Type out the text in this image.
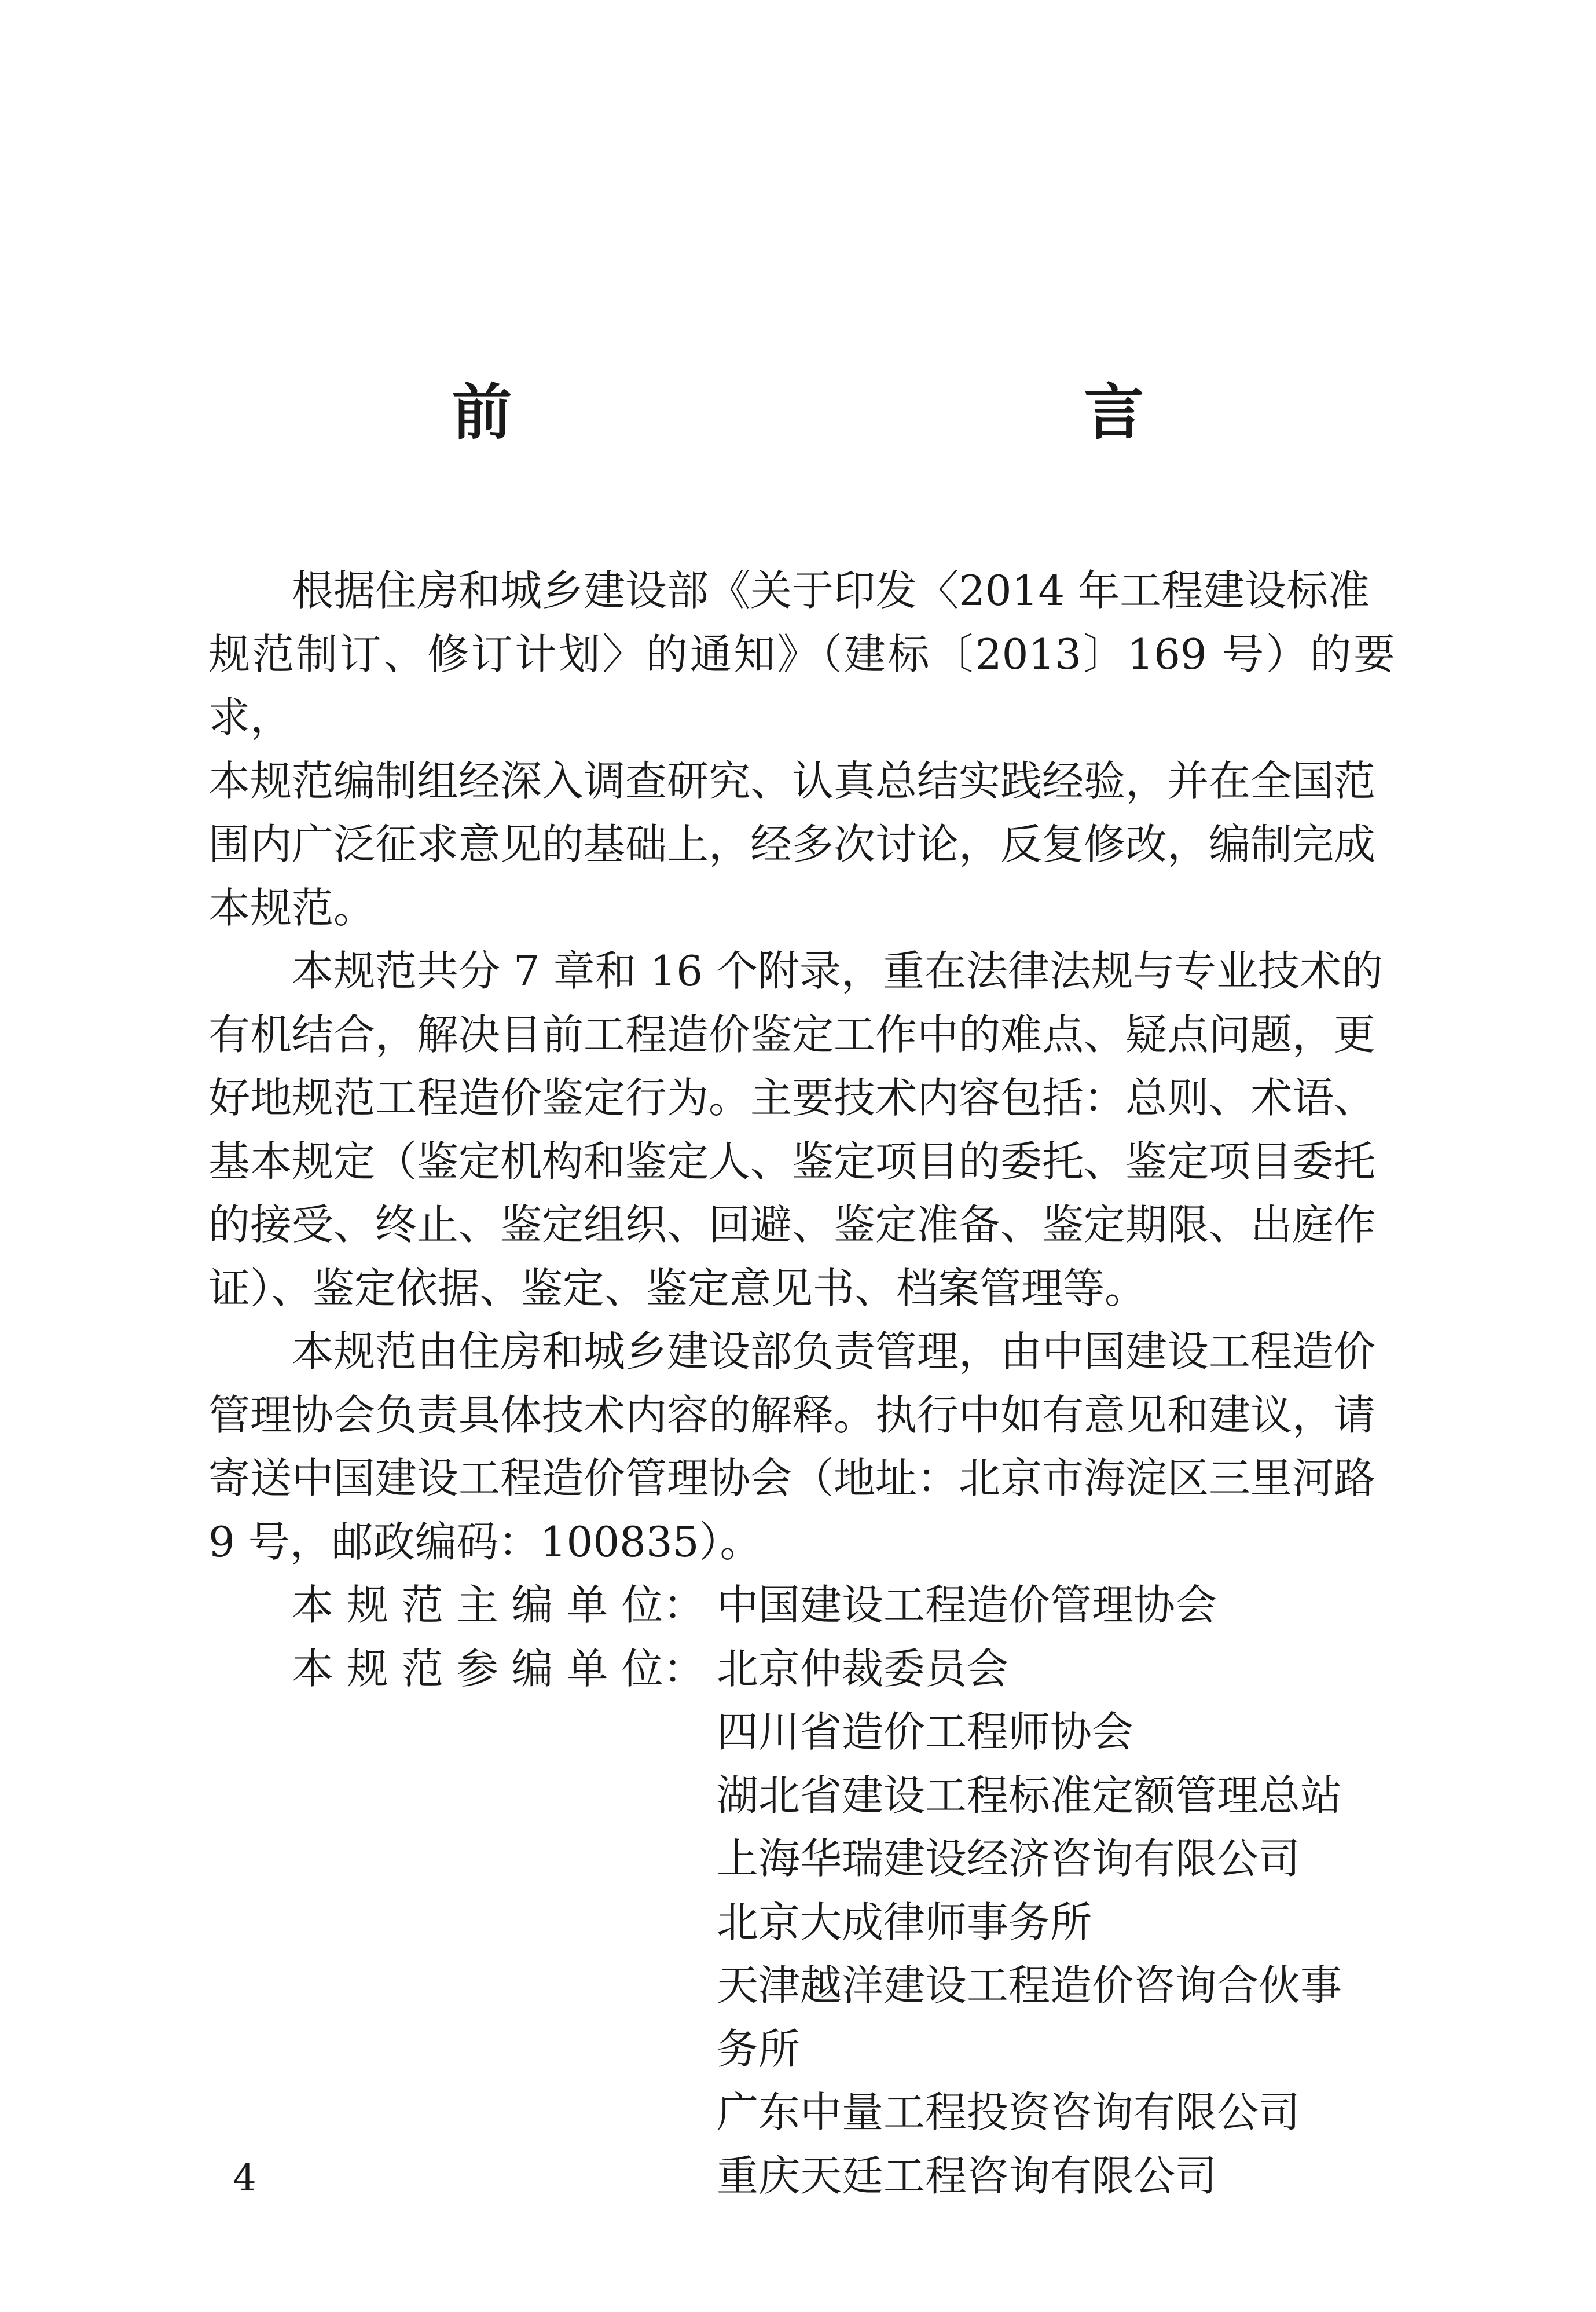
前　　言

根据住房和城乡建设部《关于印发〈2014 年工程建设标准
规范制订、修订计划〉的通知》（建标〔2013〕169 号）的要求，
本规范编制组经深入调查研究、认真总结实践经验，并在全国范
围内广泛征求意见的基础上，经多次讨论，反复修改，编制完成
本规范。

本规范共分 7 章和 16 个附录，重在法律法规与专业技术的
有机结合，解决目前工程造价鉴定工作中的难点、疑点问题，更
好地规范工程造价鉴定行为。主要技术内容包括：总则、术语、
基本规定（鉴定机构和鉴定人、鉴定项目的委托、鉴定项目委托
的接受、终止、鉴定组织、回避、鉴定准备、鉴定期限、出庭作
证）、鉴定依据、鉴定、鉴定意见书、档案管理等。

本规范由住房和城乡建设部负责管理，由中国建设工程造价
管理协会负责具体技术内容的解释。执行中如有意见和建议，请
寄送中国建设工程造价管理协会（地址：北京市海淀区三里河路
9 号，邮政编码：100835）。

本 规 范 主 编 单 位： 中国建设工程造价管理协会
本 规 范 参 编 单 位： 北京仲裁委员会
四川省造价工程师协会
湖北省建设工程标准定额管理总站
上海华瑞建设经济咨询有限公司
北京大成律师事务所
天津越洋建设工程造价咨询合伙事
务所
广东中量工程投资咨询有限公司
重庆天廷工程咨询有限公司
4
